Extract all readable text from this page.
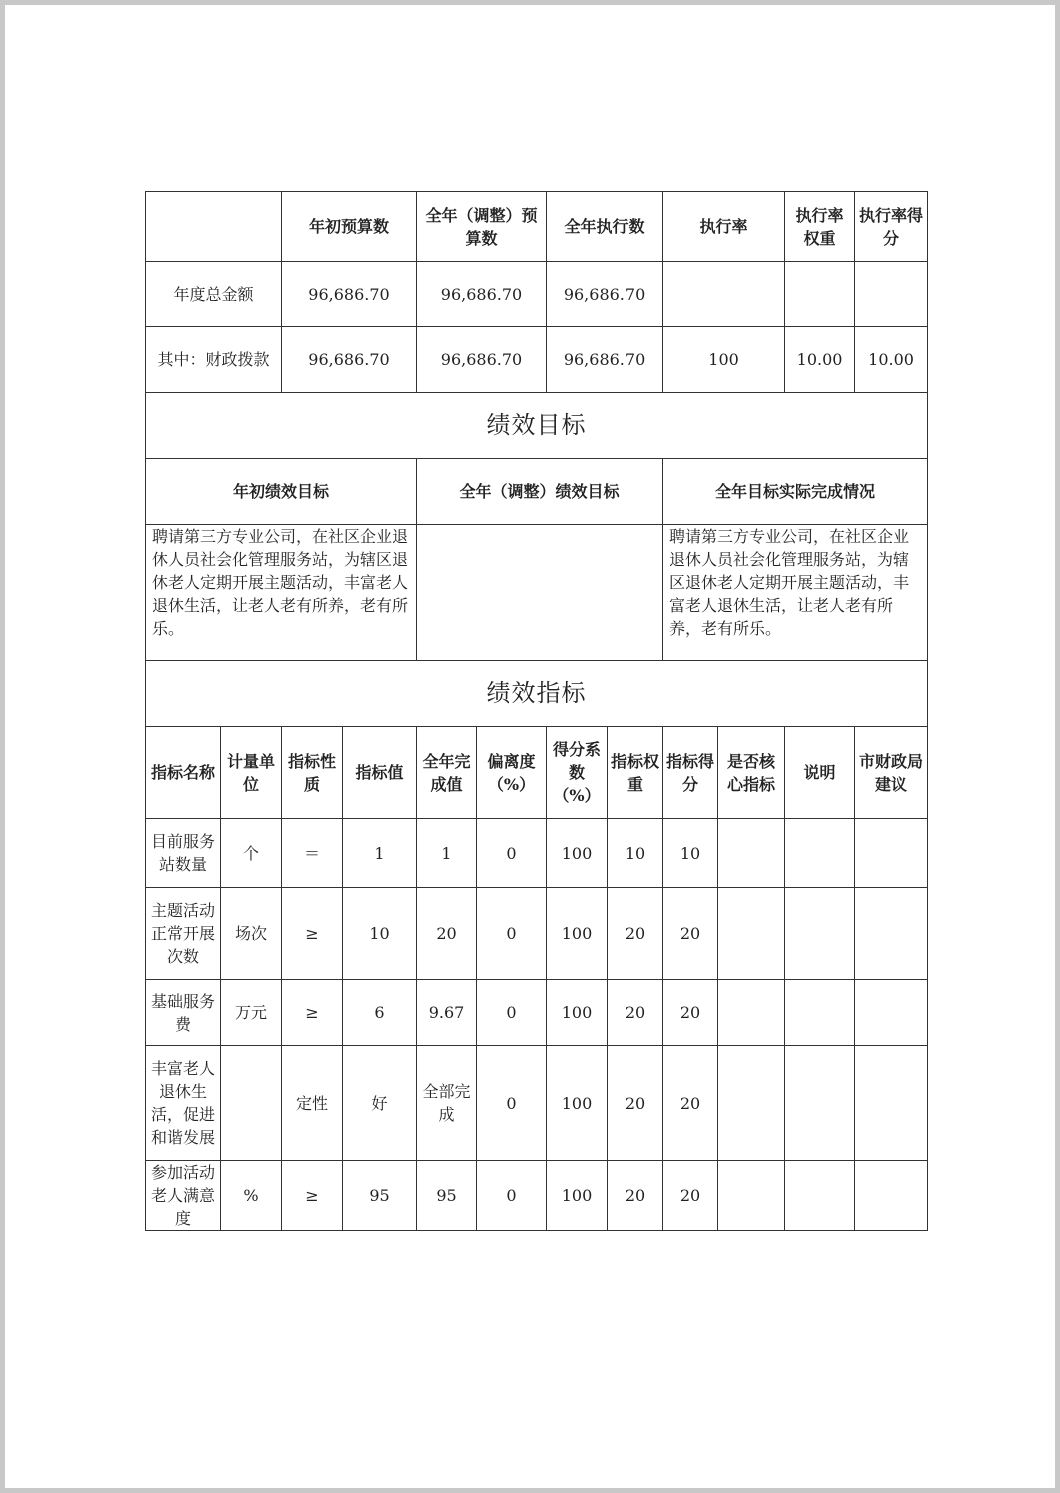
		年初预算数		全年（调整）预算数		全年执行数		执行率		执行率权重	执行率得分
年度总金额		96,686.70		96,686.70		96,686.70					
其中：财政拨款		96,686.70		96,686.70		96,686.70		100		10.00	10.00
绩效目标											
年初绩效目标				全年（调整）绩效目标				全年目标实际完成情况			
聘请第三方专业公司，在社区企业退休人员社会化管理服务站，为辖区退休老人定期开展主题活动，丰富老人退休生活，让老人老有所养，老有所乐。								聘请第三方专业公司，在社区企业退休人员社会化管理服务站，为辖区退休老人定期开展主题活动，丰富老人退休生活，让老人老有所养，老有所乐。			
绩效指标											
指标名称	计量单位	指标性质	指标值	全年完成值	偏离度（%）	得分系数（%）	指标权重	指标得分	是否核心指标	说明	市财政局建议
目前服务站数量	个	＝	1	1	0	100	10	10			
主题活动正常开展次数	场次	≥	10	20	0	100	20	20			
基础服务费	万元	≥	6	9.67	0	100	20	20			
丰富老人退休生活，促进和谐发展		定性	好	全部完成	0	100	20	20			
参加活动老人满意度	%	≥	95	95	0	100	20	20			
